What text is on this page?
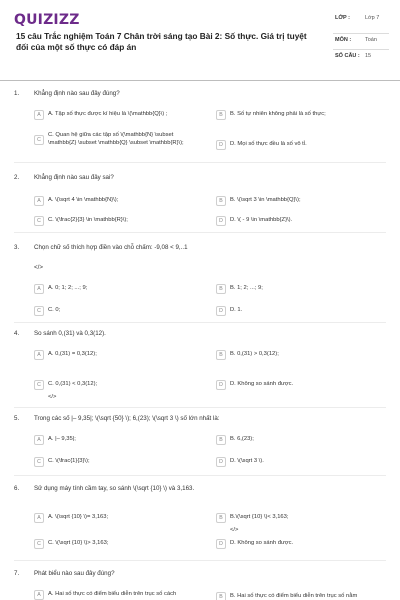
QUIZIZZ
15 câu Trắc nghiệm Toán 7 Chân trời sáng tạo Bài 2: Số thực. Giá trị tuyệt đối của một số thực có đáp án
LỚP :	Lớp 7
MÔN :	Toán
SỐ CÂU : 15
1. Khẳng định nào sau đây đúng?
A	A. Tập số thực được kí hiệu là \(\mathbb{Q}\) ;	B	B. Số tự nhiên không phải là số thực;
C
C. Quan hệ giữa các tập số \(\mathbb{N} \subset \mathbb{Z} \subset \mathbb{Q} \subset \mathbb{R}\);	D	D. Mọi số thực đều là số vô tỉ.
2. Khẳng định nào sau đây sai?
A	A. \(\sqrt 4 \in \mathbb{N}\);	B	B. \(\sqrt 3 \in \mathbb{Q}\);
C	C. \(\frac{2}{3} \in \mathbb{R}\);	D	D. \( - 9 \in \mathbb{Z}\).
3. Chọn chữ số thích hợp điền vào chỗ chấm: -9,08 < 9,..1
</>
A	A. 0; 1; 2; ...; 9;	B	B. 1; 2; ...; 9;
C	C. 0;	D	D. 1.
4. So sánh 0,(31) và 0,3(12).
A	A. 0,(31) = 0,3(12);	B	B. 0,(31) > 0,3(12);
C	C. 0,(31) < 0,3(12);
</>
D	D. Không so sánh được.
5. Trong các số |– 9,35|; \(\sqrt {50} \); 6,(23); \(\sqrt 3 \) số lớn nhất là:
A	A. |– 9,35|;	B	B. 6,(23);
C	C. \(\frac{1}{3}\);	D	D. \(\sqrt 3 \).
6. Sử dụng máy tính cầm tay, so sánh \(\sqrt {10} \) và 3,163.
A	A. \(\sqrt {10} \)= 3,163;	B	B.\(\sqrt {10} \)< 3,163;
</>
C	C. \(\sqrt {10} \)> 3,163;	D	D. Không so sánh được.
7. Phát biểu nào sau đây đúng?
A	A. Hai số thực có điểm biểu diễn trên trục số cách	B	B. Hai số thực có điểm biểu diễn trên trục số nằm
